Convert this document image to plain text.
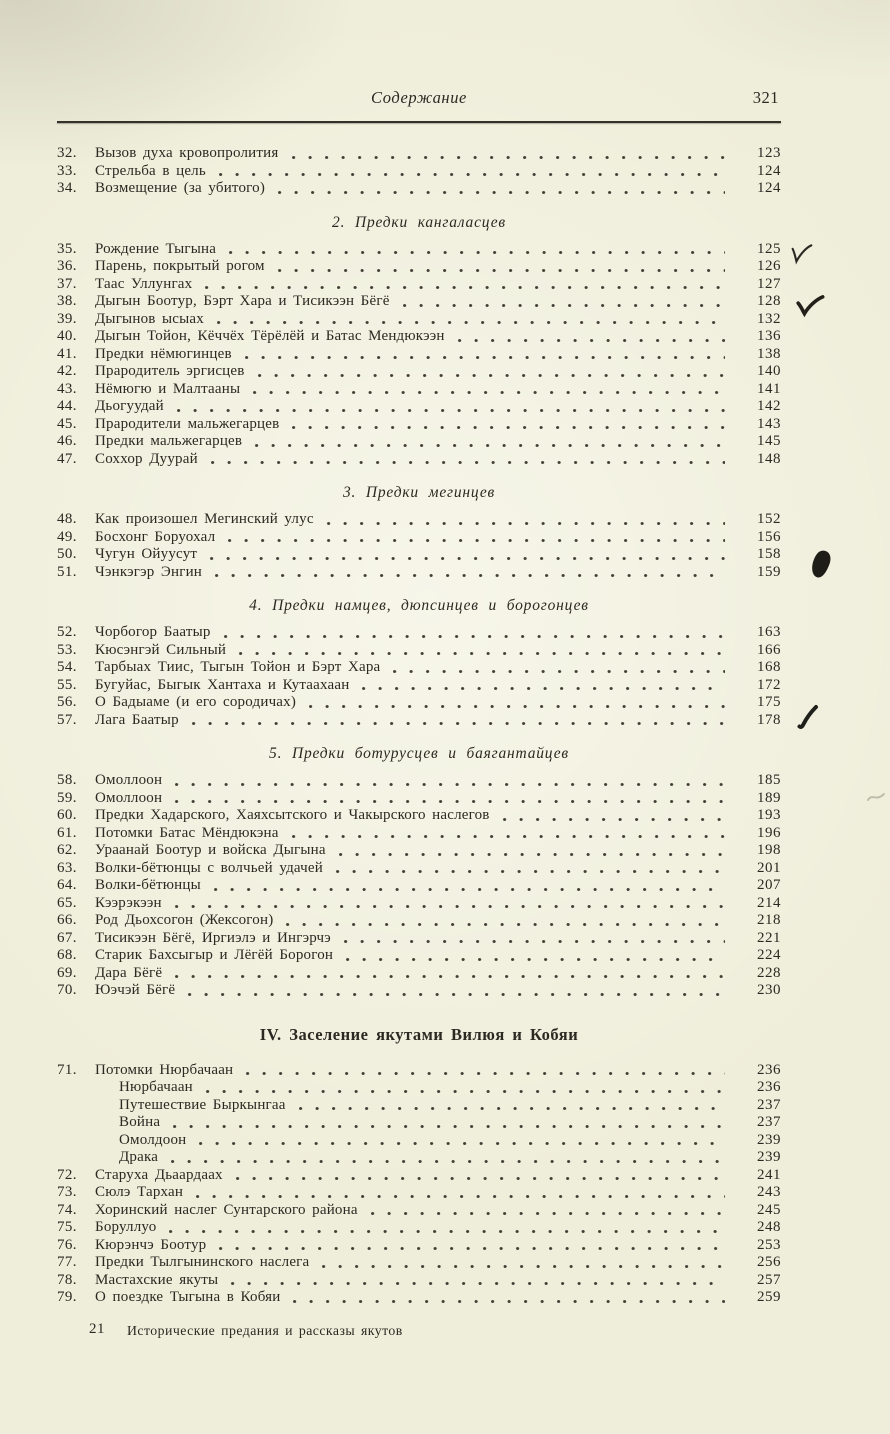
Содержание	321
32.	Вызов духа кровопролития	123
33.	Стрельба в цель	124
34.	Возмещение (за убитого)	124
2. Предки кангаласцев
35.	Рождение Тыгына	125
36.	Парень, покрытый рогом	126
37.	Таас Уллунгах	127
38.	Дыгын Боотур, Бэрт Хара и Тисикээн Бёгё	128
39.	Дыгынов ысыах	132
40.	Дыгын Тойон, Кёччёх Тёрёлёй и Батас Мендюкээн	136
41.	Предки нёмюгинцев	138
42.	Прародитель эргисцев	140
43.	Нёмюгю и Малтааны	141
44.	Дьогуудай	142
45.	Прародители мальжегарцев	143
46.	Предки мальжегарцев	145
47.	Соххор Дуурай	148
3. Предки мегинцев
48.	Как произошел Мегинский улус	152
49.	Босхонг Боруохал	156
50.	Чугун Ойуусут	158
51.	Чэнкэгэр Энгин	159
4. Предки намцев, дюпсинцев и борогонцев
52.	Чорбогор Баатыр	163
53.	Кюсэнгэй Сильный	166
54.	Тарбыах Тиис, Тыгын Тойон и Бэрт Хара	168
55.	Бугуйас, Быгык Хантаха и Кутаахаан	172
56.	О Бадыаме (и его сородичах)	175
57.	Лага Баатыр	178
5. Предки ботурусцев и баягантайцев
58.	Омоллоон	185
59.	Омоллоон	189
60.	Предки Хадарского, Хаяхсытского и Чакырского наслегов	193
61.	Потомки Батас Мёндюкэна	196
62.	Ураанай Боотур и войска Дыгына	198
63.	Волки-бётюнцы с волчьей удачей	201
64.	Волки-бётюнцы	207
65.	Кээрэкээн	214
66.	Род Дьохсогон (Жексогон)	218
67.	Тисикээн Бёгё, Иргиэлэ и Ингэрчэ	221
68.	Старик Бахсыгыр и Лёгёй Борогон	224
69.	Дара Бёгё	228
70.	Юэчэй Бёгё	230
IV. Заселение якутами Вилюя и Кобяи
71.	Потомки Нюрбачаан	236
Нюрбачаан	236
Путешествие Быркынгаа	237
Война	237
Омолдоон	239
Драка	239
72.	Старуха Дьаардаах	241
73.	Сюлэ Тархан	243
74.	Хоринский наслег Сунтарского района	245
75.	Боруллуо	248
76.	Кюрэнчэ Боотур	253
77.	Предки Тылгынинского наслега	256
78.	Мастахские якуты	257
79.	О поездке Тыгына в Кобяи	259
21 Исторические предания и рассказы якутов
